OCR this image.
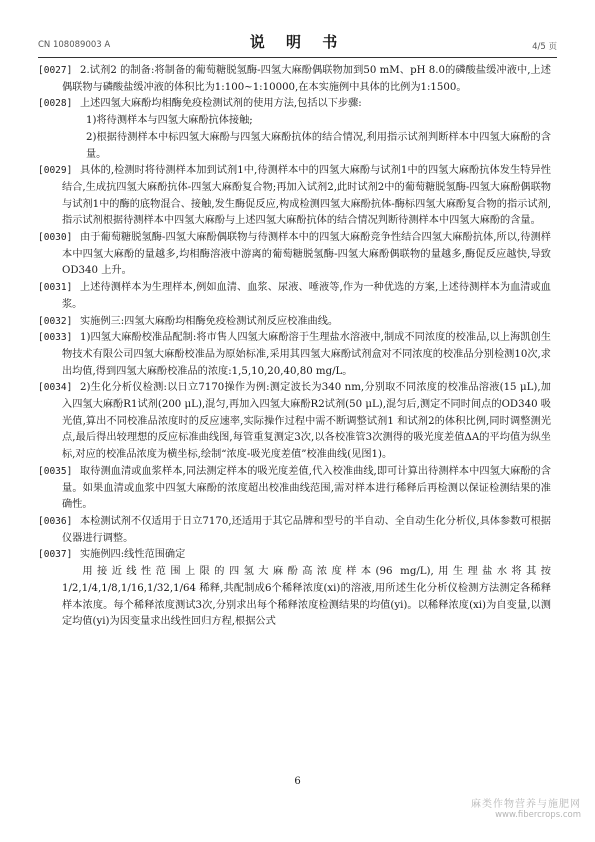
CN 108089003 A	说 明 书	4/5 页

[0027] 2.试剂2 的制备:将制备的葡萄糖脱氢酶-四氢大麻酚偶联物加到50 mM、pH 8.0的磷酸盐缓冲液中,上述偶联物与磷酸盐缓冲液的体积比为1:100~1:10000,在本实施例中具体的比例为1:1500。

[0028] 上述四氢大麻酚均相酶免疫检测试剂的使用方法,包括以下步骤:

1)将待测样本与四氢大麻酚抗体接触;

2)根据待测样本中标四氢大麻酚与四氢大麻酚抗体的结合情况,利用指示试剂判断样本中四氢大麻酚的含量。

[0029] 具体的,检测时将待测样本加到试剂1中,待测样本中的四氢大麻酚与试剂1中的四氢大麻酚抗体发生特异性结合,生成抗四氢大麻酚抗体-四氢大麻酚复合物;再加入试剂2,此时试剂2中的葡萄糖脱氢酶-四氢大麻酚偶联物与试剂1中的酶的底物混合、接触,发生酶促反应,构成检测四氢大麻酚抗体-酶标四氢大麻酚复合物的指示试剂,指示试剂根据待测样本中四氢大麻酚与上述四氢大麻酚抗体的结合情况判断待测样本中四氢大麻酚的含量。

[0030] 由于葡萄糖脱氢酶-四氢大麻酚偶联物与待测样本中的四氢大麻酚竞争性结合四氢大麻酚抗体,所以,待测样本中四氢大麻酚的量越多,均相酶溶液中游离的葡萄糖脱氢酶-四氢大麻酚偶联物的量越多,酶促反应越快,导致OD340 上升。

[0031] 上述待测样本为生理样本,例如血清、血浆、尿液、唾液等,作为一种优选的方案,上述待测样本为血清或血浆。

[0032] 实施例三:四氢大麻酚均相酶免疫检测试剂反应校准曲线。

[0033] 1)四氢大麻酚校准品配制:将市售人四氢大麻酚溶于生理盐水溶液中,制成不同浓度的校准品,以上海凯创生物技术有限公司四氢大麻酚校准品为原始标准,采用其四氢大麻酚试剂盒对不同浓度的校准品分别检测10次,求出均值,得到四氢大麻酚校准品的浓度:1,5,10,20,40,80 mg/L。

[0034] 2)生化分析仪检测:以日立7170操作为例:测定波长为340 nm,分别取不同浓度的校准品溶液(15 μL),加入四氢大麻酚R1试剂(200 μL),混匀,再加入四氢大麻酚R2试剂(50 μL),混匀后,测定不同时间点的OD340 吸光值,算出不同校准品浓度时的反应速率,实际操作过程中需不断调整试剂1 和试剂2的体积比例,同时调整测光点,最后得出较理想的反应标准曲线图,每管重复测定3次,以各校准管3次测得的吸光度差值ΔA的平均值为纵坐标,对应的校准品浓度为横坐标,绘制“浓度-吸光度差值”校准曲线(见图1)。

[0035] 取待测血清或血浆样本,同法测定样本的吸光度差值,代入校准曲线,即可计算出待测样本中四氢大麻酚的含量。如果血清或血浆中四氢大麻酚的浓度超出校准曲线范围,需对样本进行稀释后再检测以保证检测结果的准确性。

[0036] 本检测试剂不仅适用于日立7170,还适用于其它品牌和型号的半自动、全自动生化分析仪,具体参数可根据仪器进行调整。

[0037] 实施例四:线性范围确定

用接近线性范围上限的四氢大麻酚高浓度样本(96 mg/L),用生理盐水将其按1/2,1/4,1/8,1/16,1/32,1/64 稀释,共配制成6个稀释浓度(xi)的溶液,用所述生化分析仪检测方法测定各稀释样本浓度。每个稀释浓度测试3次,分别求出每个稀释浓度检测结果的均值(yi)。以稀释浓度(xi)为自变量,以测定均值(yi)为因变量求出线性回归方程,根据公式

6
麻类作物营养与施肥网
www.fibercrops.com
